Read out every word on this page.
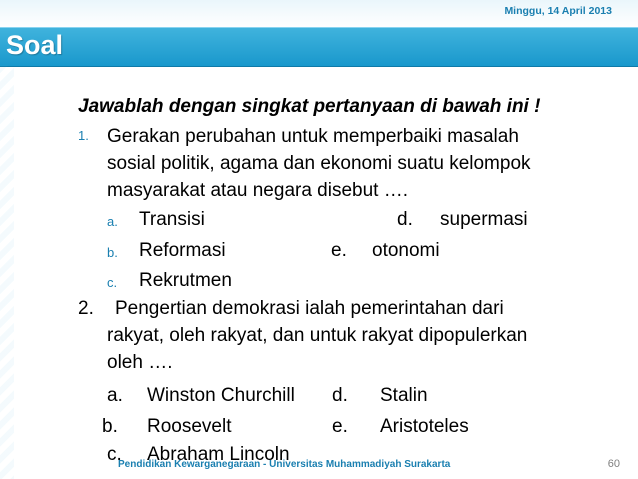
Minggu, 14 April 2013
Soal
Jawablah dengan singkat pertanyaan di bawah ini !
1. Gerakan perubahan untuk memperbaiki masalah
sosial politik, agama dan ekonomi suatu kelompok
masyarakat atau negara disebut ….
a. Transisi	d. supermasi
b. Reformasi	e. otonomi
c. Rekrutmen
2. Pengertian demokrasi ialah pemerintahan dari
rakyat, oleh rakyat, dan untuk rakyat dipopulerkan
oleh ….
a. Winston Churchill d. Stalin
b. Roosevelt	e. Aristoteles
c. Abraham Lincoln
Pendidikan Kewarganegaraan - Universitas Muhammadiyah Surakarta	60
